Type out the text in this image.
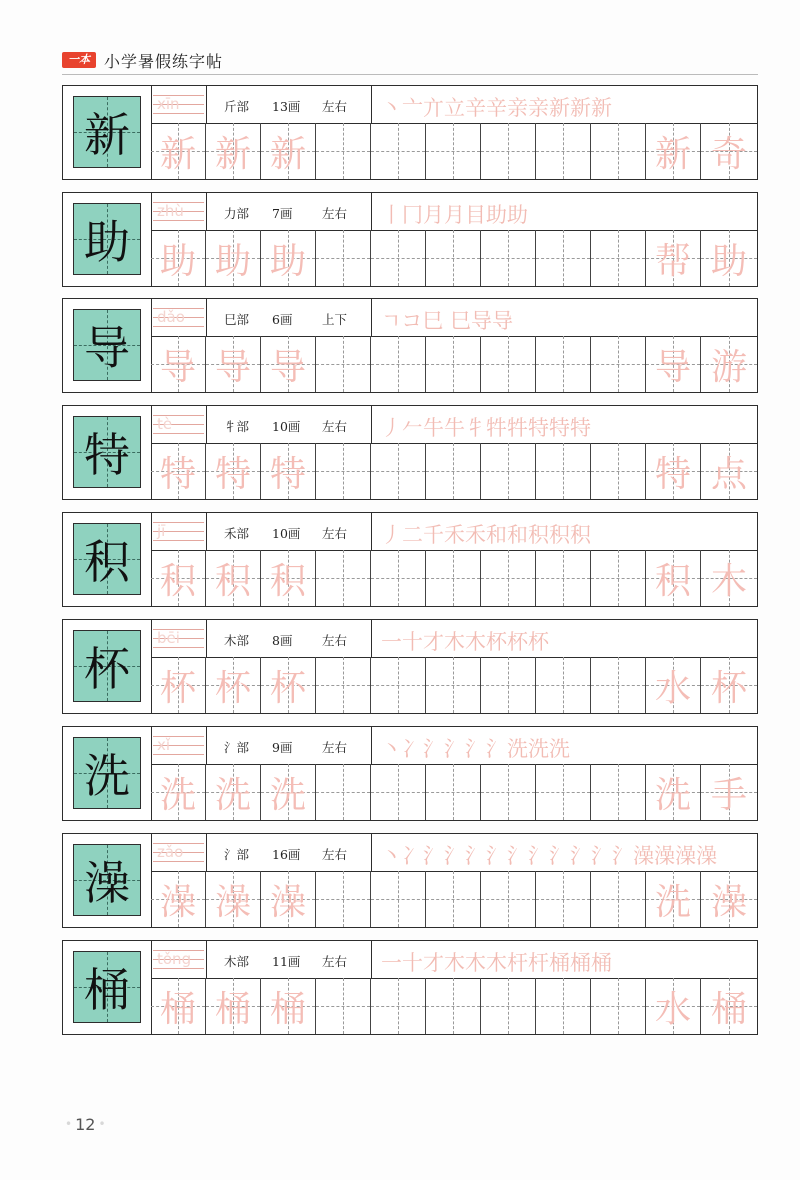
一本 小学暑假练字帖
新
xīn	斤部 13画 左右 丶亠亣立辛辛亲亲新新新
新 新 新	新 奇
助
zhù	力部 7画 左右 丨冂月月目助助
助 助 助	帮 助
导
dǎo	巳部 6画 上下 ㄱコ巳 巳导导
导 导 导	导 游
特
tè	牜部 10画 左右 丿𠂉牛牛牜牪牪特特特
特 特 特	特 点
积
jī	禾部 10画 左右 丿二千禾禾和和积积积
积 积 积	积 木
杯
bēi	木部 8画 左右 一十才木木杯杯杯
杯 杯 杯	水 杯
洗
xǐ	氵部 9画 左右 丶冫氵氵氵氵洗洗洗
洗 洗 洗	洗 手
澡
zǎo	氵部 16画 左右 丶冫氵氵氵氵氵氵氵氵氵氵澡澡澡澡
澡 澡 澡	洗 澡
桶
tǒng	木部 11画 左右 一十才木木木杆杆桶桶桶
桶 桶 桶	水 桶
• 12 •
